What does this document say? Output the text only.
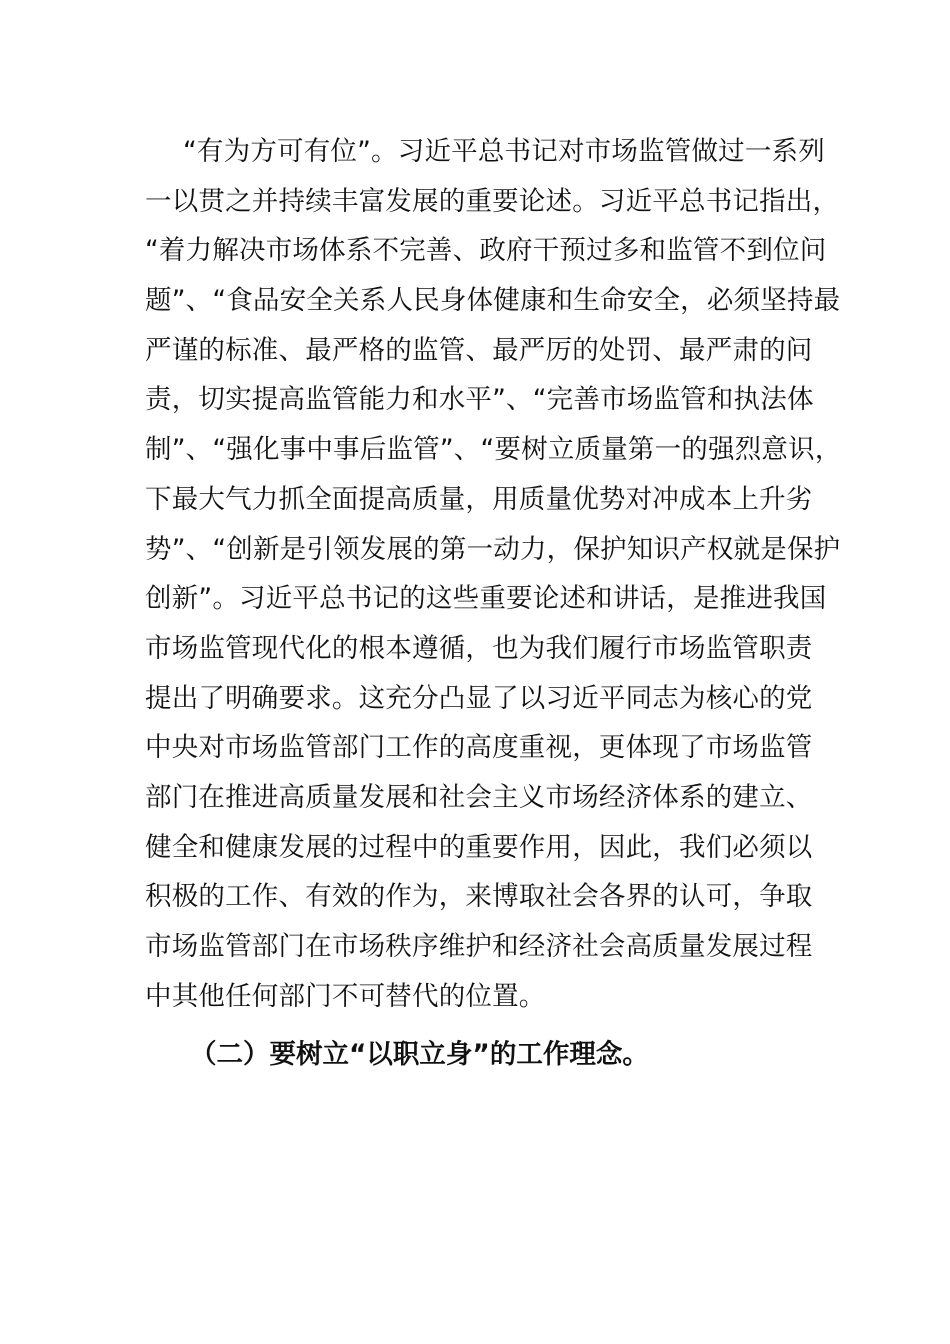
“有为方可有位”。习近平总书记对市场监管做过一系列
一以贯之并持续丰富发展的重要论述。习近平总书记指出，
“着力解决市场体系不完善、政府干预过多和监管不到位问
题”、“食品安全关系人民身体健康和生命安全，必须坚持最
严谨的标准、最严格的监管、最严厉的处罚、最严肃的问
责，切实提高监管能力和水平”、“完善市场监管和执法体
制”、“强化事中事后监管”、“要树立质量第一的强烈意识，
下最大气力抓全面提高质量，用质量优势对冲成本上升劣
势”、“创新是引领发展的第一动力，保护知识产权就是保护
创新”。习近平总书记的这些重要论述和讲话，是推进我国
市场监管现代化的根本遵循，也为我们履行市场监管职责
提出了明确要求。这充分凸显了以习近平同志为核心的党
中央对市场监管部门工作的高度重视，更体现了市场监管
部门在推进高质量发展和社会主义市场经济体系的建立、
健全和健康发展的过程中的重要作用，因此，我们必须以
积极的工作、有效的作为，来博取社会各界的认可，争取
市场监管部门在市场秩序维护和经济社会高质量发展过程
中其他任何部门不可替代的位置。
（二）要树立“以职立身”的工作理念。
